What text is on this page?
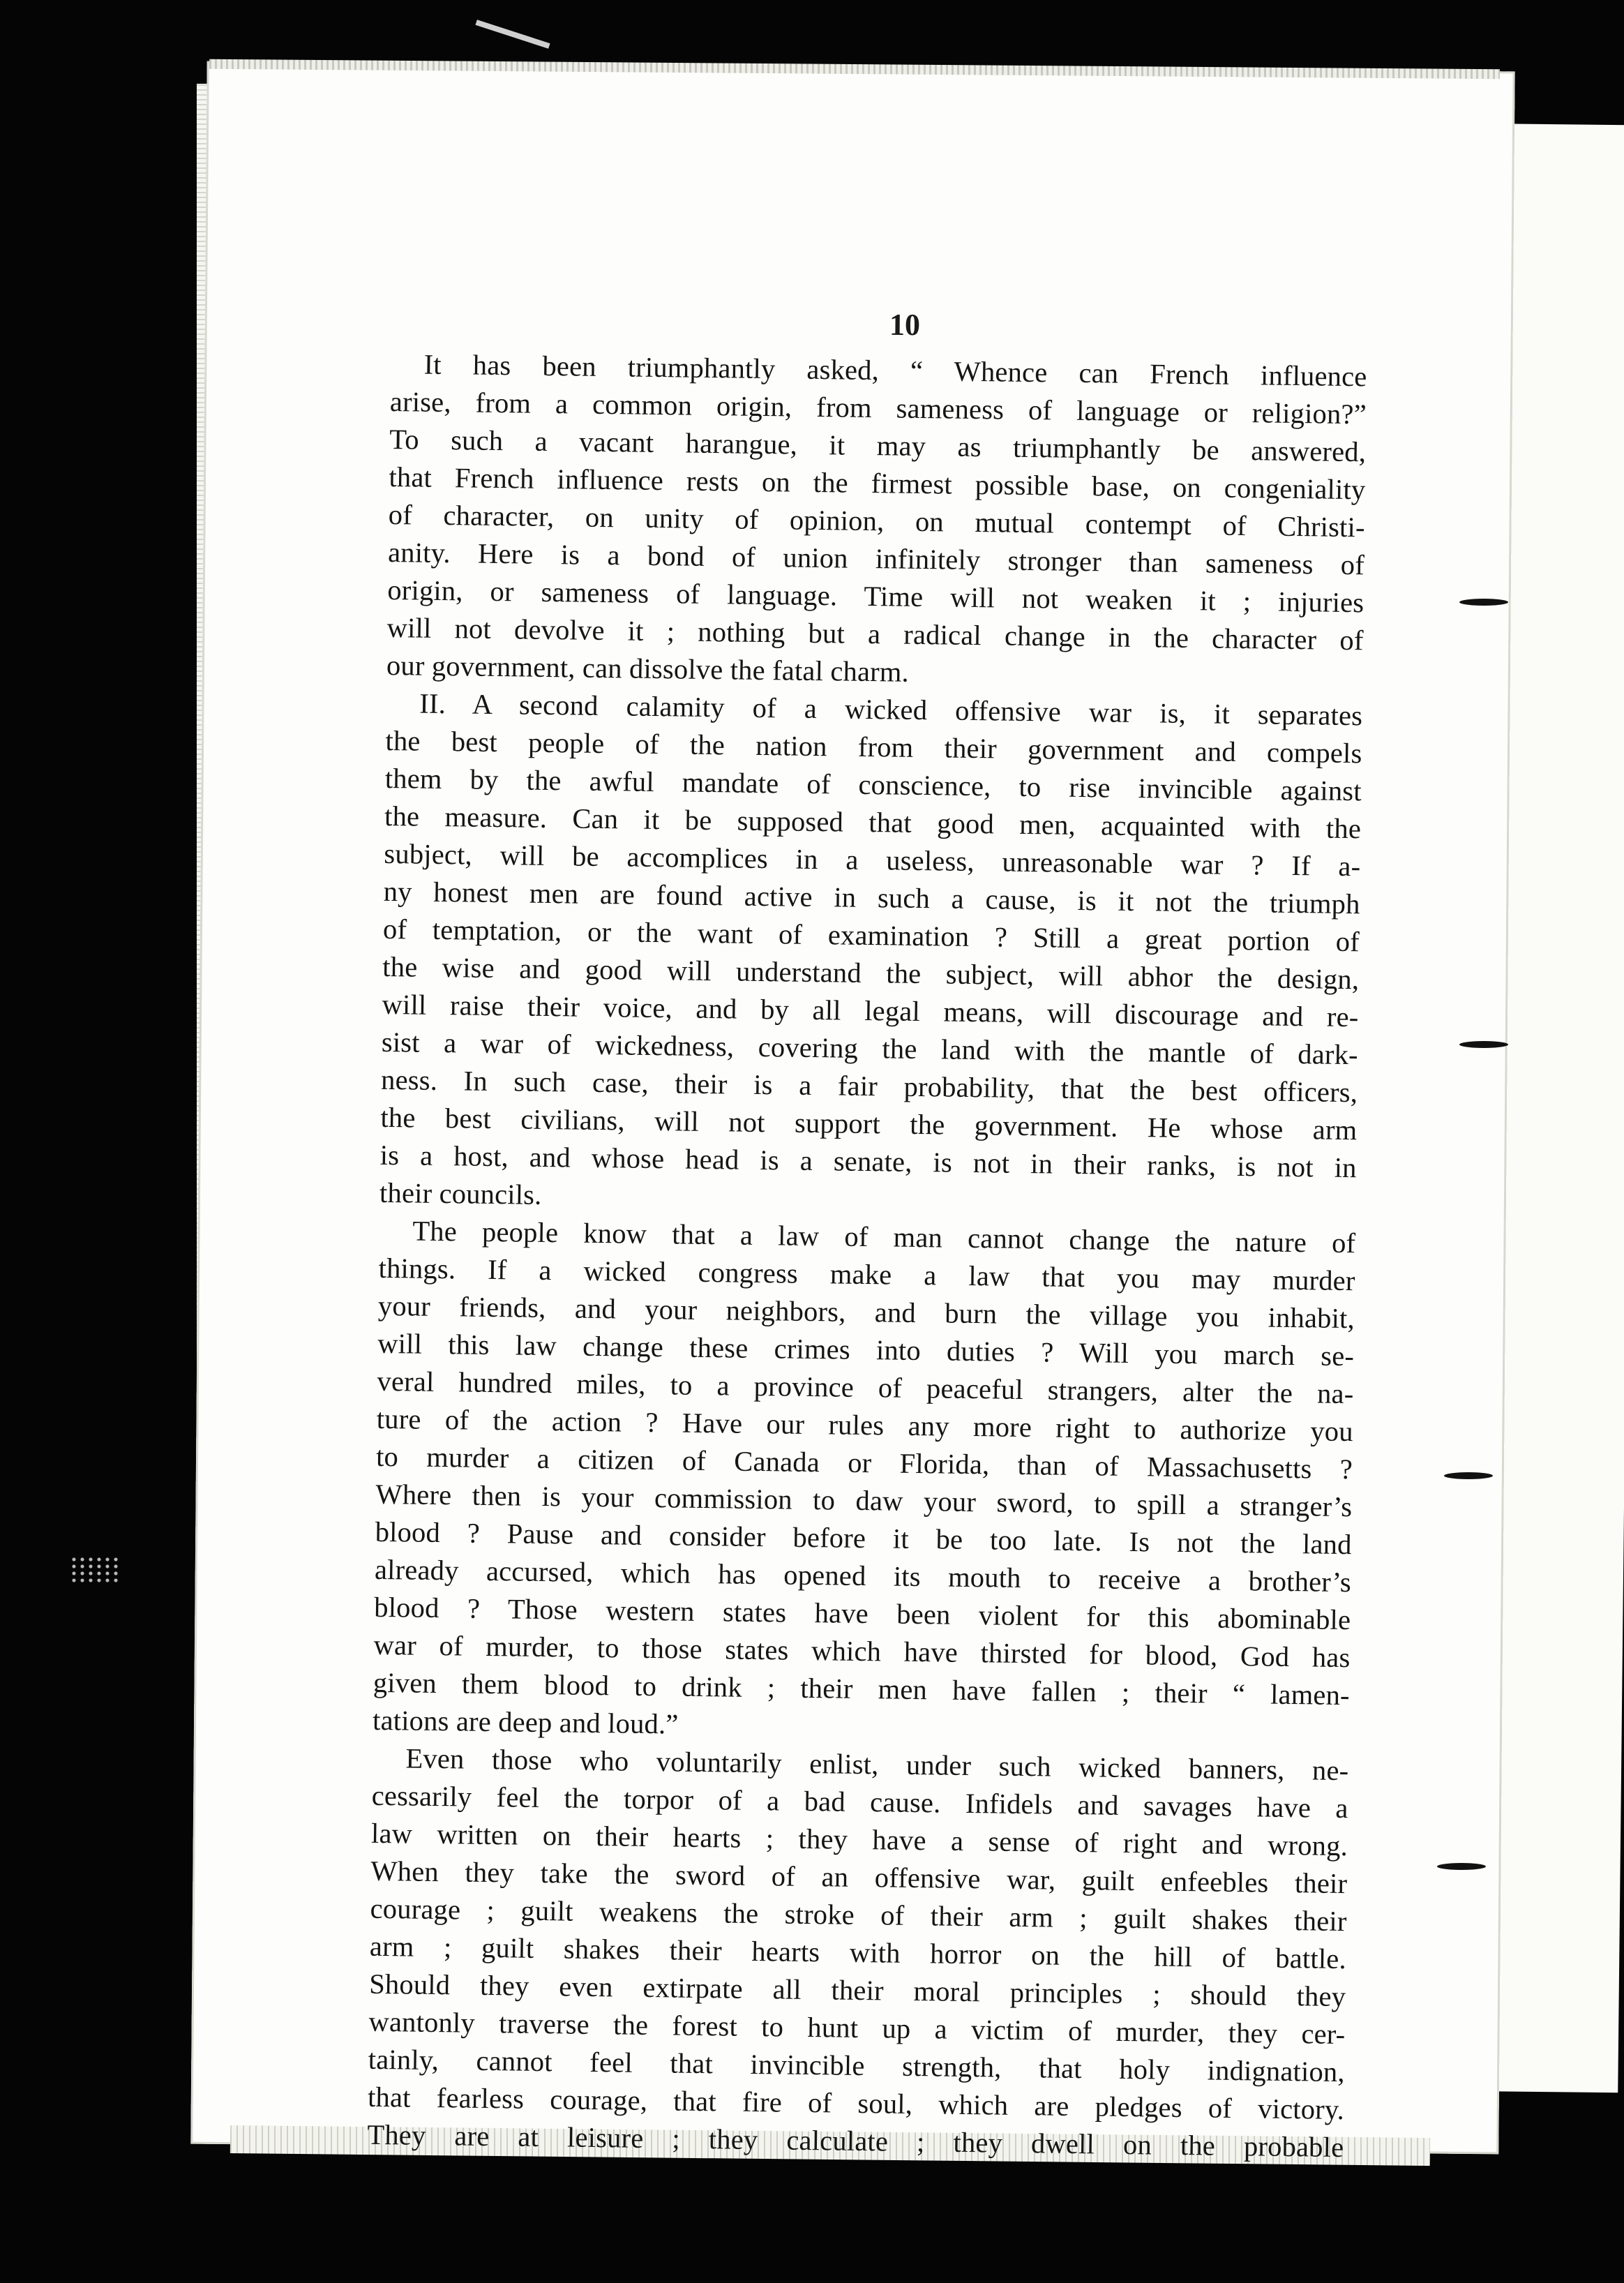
10
It has been triumphantly asked, “ Whence can French influence
arise, from a common origin, from sameness of language or religion?”
To such a vacant harangue, it may as triumphantly be answered,
that French influence rests on the firmest possible base, on congeniality
of character, on unity of opinion, on mutual contempt of Christi-
anity. Here is a bond of union infinitely stronger than sameness of
origin, or sameness of language. Time will not weaken it ; injuries
will not devolve it ; nothing but a radical change in the character of
our government, can dissolve the fatal charm.
II. A second calamity of a wicked offensive war is, it separates
the best people of the nation from their government and compels
them by the awful mandate of conscience, to rise invincible against
the measure. Can it be supposed that good men, acquainted with the
subject, will be accomplices in a useless, unreasonable war ? If a-
ny honest men are found active in such a cause, is it not the triumph
of temptation, or the want of examination ? Still a great portion of
the wise and good will understand the subject, will abhor the design,
will raise their voice, and by all legal means, will discourage and re-
sist a war of wickedness, covering the land with the mantle of dark-
ness. In such case, their is a fair probability, that the best officers,
the best civilians, will not support the government. He whose arm
is a host, and whose head is a senate, is not in their ranks, is not in
their councils.
The people know that a law of man cannot change the nature of
things. If a wicked congress make a law that you may murder
your friends, and your neighbors, and burn the village you inhabit,
will this law change these crimes into duties ? Will you march se-
veral hundred miles, to a province of peaceful strangers, alter the na-
ture of the action ? Have our rules any more right to authorize you
to murder a citizen of Canada or Florida, than of Massachusetts ?
Where then is your commission to daw your sword, to spill a stranger’s
blood ? Pause and consider before it be too late. Is not the land
already accursed, which has opened its mouth to receive a brother’s
blood ? Those western states have been violent for this abominable
war of murder, to those states which have thirsted for blood, God has
given them blood to drink ; their men have fallen ; their “ lamen-
tations are deep and loud.”
Even those who voluntarily enlist, under such wicked banners, ne-
cessarily feel the torpor of a bad cause. Infidels and savages have a
law written on their hearts ; they have a sense of right and wrong.
When they take the sword of an offensive war, guilt enfeebles their
courage ; guilt weakens the stroke of their arm ; guilt shakes their
arm ; guilt shakes their hearts with horror on the hill of battle.
Should they even extirpate all their moral principles ; should they
wantonly traverse the forest to hunt up a victim of murder, they cer-
tainly, cannot feel that invincible strength, that holy indignation,
that fearless courage, that fire of soul, which are pledges of victory.
They are at leisure ; they calculate ; they dwell on the probable
